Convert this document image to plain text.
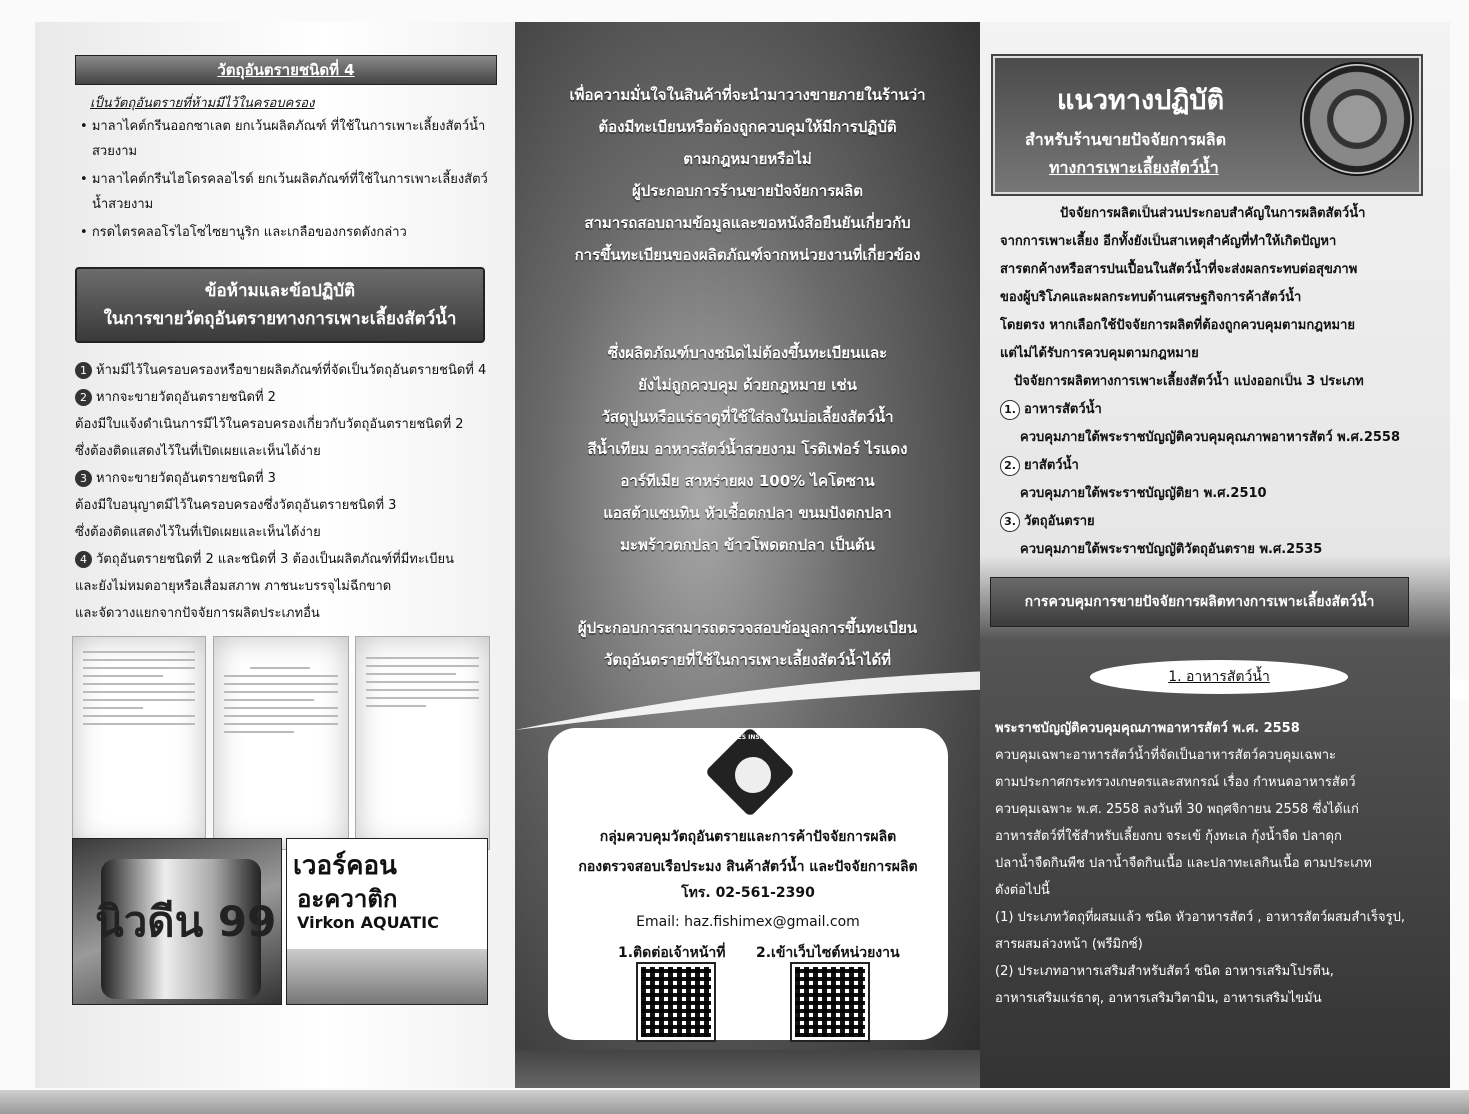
วัตถุอันตรายชนิดที่ 4
เป็นวัตถุอันตรายที่ห้ามมีไว้ในครอบครอง
• มาลาไคต์กรีนออกซาเลต ยกเว้นผลิตภัณฑ์ ที่ใช้ในการเพาะเลี้ยงสัตว์น้ำสวยงาม
• มาลาไคต์กรีนไฮโดรคลอไรด์ ยกเว้นผลิตภัณฑ์ที่ใช้ในการเพาะเลี้ยงสัตว์น้ำสวยงาม
• กรดไตรคลอโรไอโซไซยานูริก และเกลือของกรดดังกล่าว
ข้อห้ามและข้อปฏิบัติ
ในการขายวัตถุอันตรายทางการเพาะเลี้ยงสัตว์น้ำ
1 ห้ามมีไว้ในครอบครองหรือขายผลิตภัณฑ์ที่จัดเป็นวัตถุอันตรายชนิดที่ 4
2 หากจะขายวัตถุอันตรายชนิดที่ 2
ต้องมีใบแจ้งดำเนินการมีไว้ในครอบครองเกี่ยวกับวัตถุอันตรายชนิดที่ 2
ซึ่งต้องติดแสดงไว้ในที่เปิดเผยและเห็นได้ง่าย
3 หากจะขายวัตถุอันตรายชนิดที่ 3
ต้องมีใบอนุญาตมีไว้ในครอบครองซึ่งวัตถุอันตรายชนิดที่ 3
ซึ่งต้องติดแสดงไว้ในที่เปิดเผยและเห็นได้ง่าย
4 วัตถุอันตรายชนิดที่ 2 และชนิดที่ 3 ต้องเป็นผลิตภัณฑ์ที่มีทะเบียน
และยังไม่หมดอายุหรือเสื่อมสภาพ ภาชนะบรรจุไม่ฉีกขาด
และจัดวางแยกจากปัจจัยการผลิตประเภทอื่น
นิวดีน 99
เวอร์คอน
อะควาติก
Virkon AQUATIC
เพื่อความมั่นใจในสินค้าที่จะนำมาวางขายภายในร้านว่า
ต้องมีทะเบียนหรือต้องถูกควบคุมให้มีการปฏิบัติ
ตามกฎหมายหรือไม่
ผู้ประกอบการร้านขายปัจจัยการผลิต
สามารถสอบถามข้อมูลและขอหนังสือยืนยันเกี่ยวกับ
การขึ้นทะเบียนของผลิตภัณฑ์จากหน่วยงานที่เกี่ยวข้อง
ซึ่งผลิตภัณฑ์บางชนิดไม่ต้องขึ้นทะเบียนและ
ยังไม่ถูกควบคุม ด้วยกฎหมาย เช่น
วัสดุปูนหรือแร่ธาตุที่ใช้ใส่ลงในบ่อเลี้ยงสัตว์น้ำ
สีน้ำเทียม อาหารสัตว์น้ำสวยงาม โรติเฟอร์ ไรแดง
อาร์ทีเมีย สาหร่ายผง 100% ไคโตซาน
แอสต้าแซนทิน หัวเชื้อตกปลา ขนมปังตกปลา
มะพร้าวตกปลา ข้าวโพดตกปลา เป็นต้น
ผู้ประกอบการสามารถตรวจสอบข้อมูลการขึ้นทะเบียน
วัตถุอันตรายที่ใช้ในการเพาะเลี้ยงสัตว์น้ำได้ที่
FISHERIES INSPECTION
กลุ่มควบคุมวัตถุอันตรายและการค้าปัจจัยการผลิต
กองตรวจสอบเรือประมง สินค้าสัตว์น้ำ และปัจจัยการผลิต
โทร. 02-561-2390
Email: haz.fishimex@gmail.com
1.ติดต่อเจ้าหน้าที่ 2.เข้าเว็บไซต์หน่วยงาน
แนวทางปฏิบัติ
สำหรับร้านขายปัจจัยการผลิต
ทางการเพาะเลี้ยงสัตว์น้ำ
ปัจจัยการผลิตเป็นส่วนประกอบสำคัญในการผลิตสัตว์น้ำ
จากการเพาะเลี้ยง อีกทั้งยังเป็นสาเหตุสำคัญที่ทำให้เกิดปัญหา
สารตกค้างหรือสารปนเปื้อนในสัตว์น้ำที่จะส่งผลกระทบต่อสุขภาพ
ของผู้บริโภคและผลกระทบด้านเศรษฐกิจการค้าสัตว์น้ำ
โดยตรง หากเลือกใช้ปัจจัยการผลิตที่ต้องถูกควบคุมตามกฎหมาย
แต่ไม่ได้รับการควบคุมตามกฎหมาย
ปัจจัยการผลิตทางการเพาะเลี้ยงสัตว์น้ำ แบ่งออกเป็น 3 ประเภท
1. อาหารสัตว์น้ำ
ควบคุมภายใต้พระราชบัญญัติควบคุมคุณภาพอาหารสัตว์ พ.ศ.2558
2. ยาสัตว์น้ำ
ควบคุมภายใต้พระราชบัญญัติยา พ.ศ.2510
3. วัตถุอันตราย
ควบคุมภายใต้พระราชบัญญัติวัตถุอันตราย พ.ศ.2535
การควบคุมการขายปัจจัยการผลิตทางการเพาะเลี้ยงสัตว์น้ำ
1. อาหารสัตว์น้ำ
พระราชบัญญัติควบคุมคุณภาพอาหารสัตว์ พ.ศ. 2558
ควบคุมเฉพาะอาหารสัตว์น้ำที่จัดเป็นอาหารสัตว์ควบคุมเฉพาะ
ตามประกาศกระทรวงเกษตรและสหกรณ์ เรื่อง กำหนดอาหารสัตว์
ควบคุมเฉพาะ พ.ศ. 2558 ลงวันที่ 30 พฤศจิกายน 2558 ซึ่งได้แก่
อาหารสัตว์ที่ใช้สำหรับเลี้ยงกบ จระเข้ กุ้งทะเล กุ้งน้ำจืด ปลาดุก
ปลาน้ำจืดกินพืช ปลาน้ำจืดกินเนื้อ และปลาทะเลกินเนื้อ ตามประเภท
ดังต่อไปนี้
(1) ประเภทวัตถุที่ผสมแล้ว ชนิด หัวอาหารสัตว์ , อาหารสัตว์ผสมสำเร็จรูป,
สารผสมล่วงหน้า (พรีมิกซ์)
(2) ประเภทอาหารเสริมสำหรับสัตว์ ชนิด อาหารเสริมโปรตีน,
อาหารเสริมแร่ธาตุ, อาหารเสริมวิตามิน, อาหารเสริมไขมัน
